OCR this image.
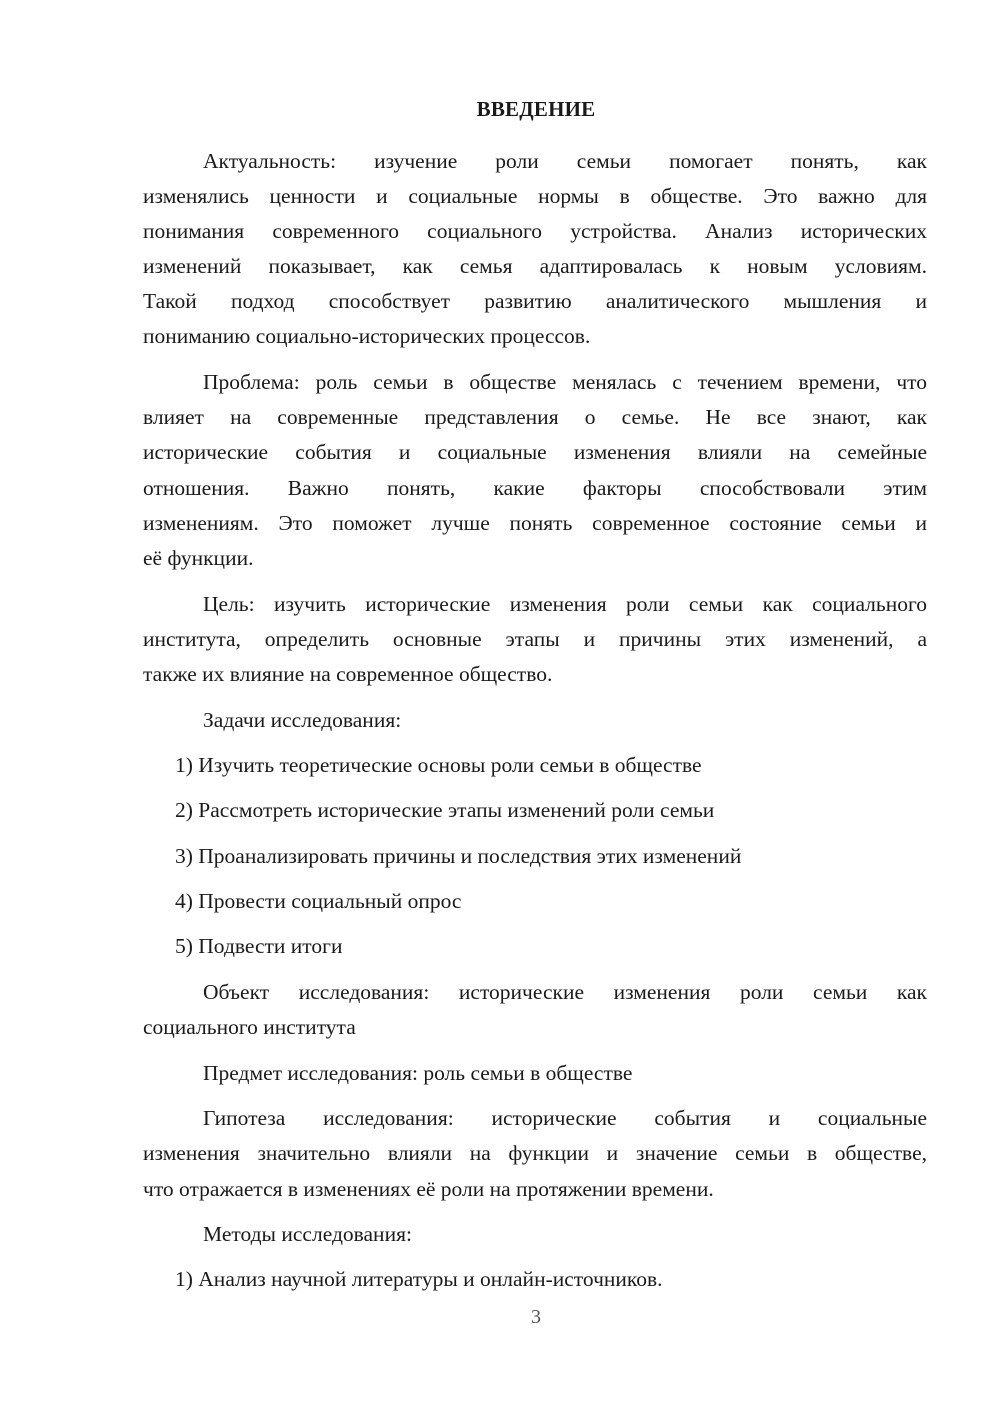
ВВЕДЕНИЕ
Актуальность: изучение роли семьи помогает понять, как
изменялись ценности и социальные нормы в обществе. Это важно для
понимания современного социального устройства. Анализ исторических
изменений показывает, как семья адаптировалась к новым условиям.
Такой подход способствует развитию аналитического мышления и
пониманию социально-исторических процессов.
Проблема: роль семьи в обществе менялась с течением времени, что
влияет на современные представления о семье. Не все знают, как
исторические события и социальные изменения влияли на семейные
отношения. Важно понять, какие факторы способствовали этим
изменениям. Это поможет лучше понять современное состояние семьи и
её функции.
Цель: изучить исторические изменения роли семьи как социального
института, определить основные этапы и причины этих изменений, а
также их влияние на современное общество.
Задачи исследования:
1) Изучить теоретические основы роли семьи в обществе
2) Рассмотреть исторические этапы изменений роли семьи
3) Проанализировать причины и последствия этих изменений
4) Провести социальный опрос
5) Подвести итоги
Объект исследования: исторические изменения роли семьи как
социального института
Предмет исследования: роль семьи в обществе
Гипотеза исследования: исторические события и социальные
изменения значительно влияли на функции и значение семьи в обществе,
что отражается в изменениях её роли на протяжении времени.
Методы исследования:
1) Анализ научной литературы и онлайн-источников.
3
